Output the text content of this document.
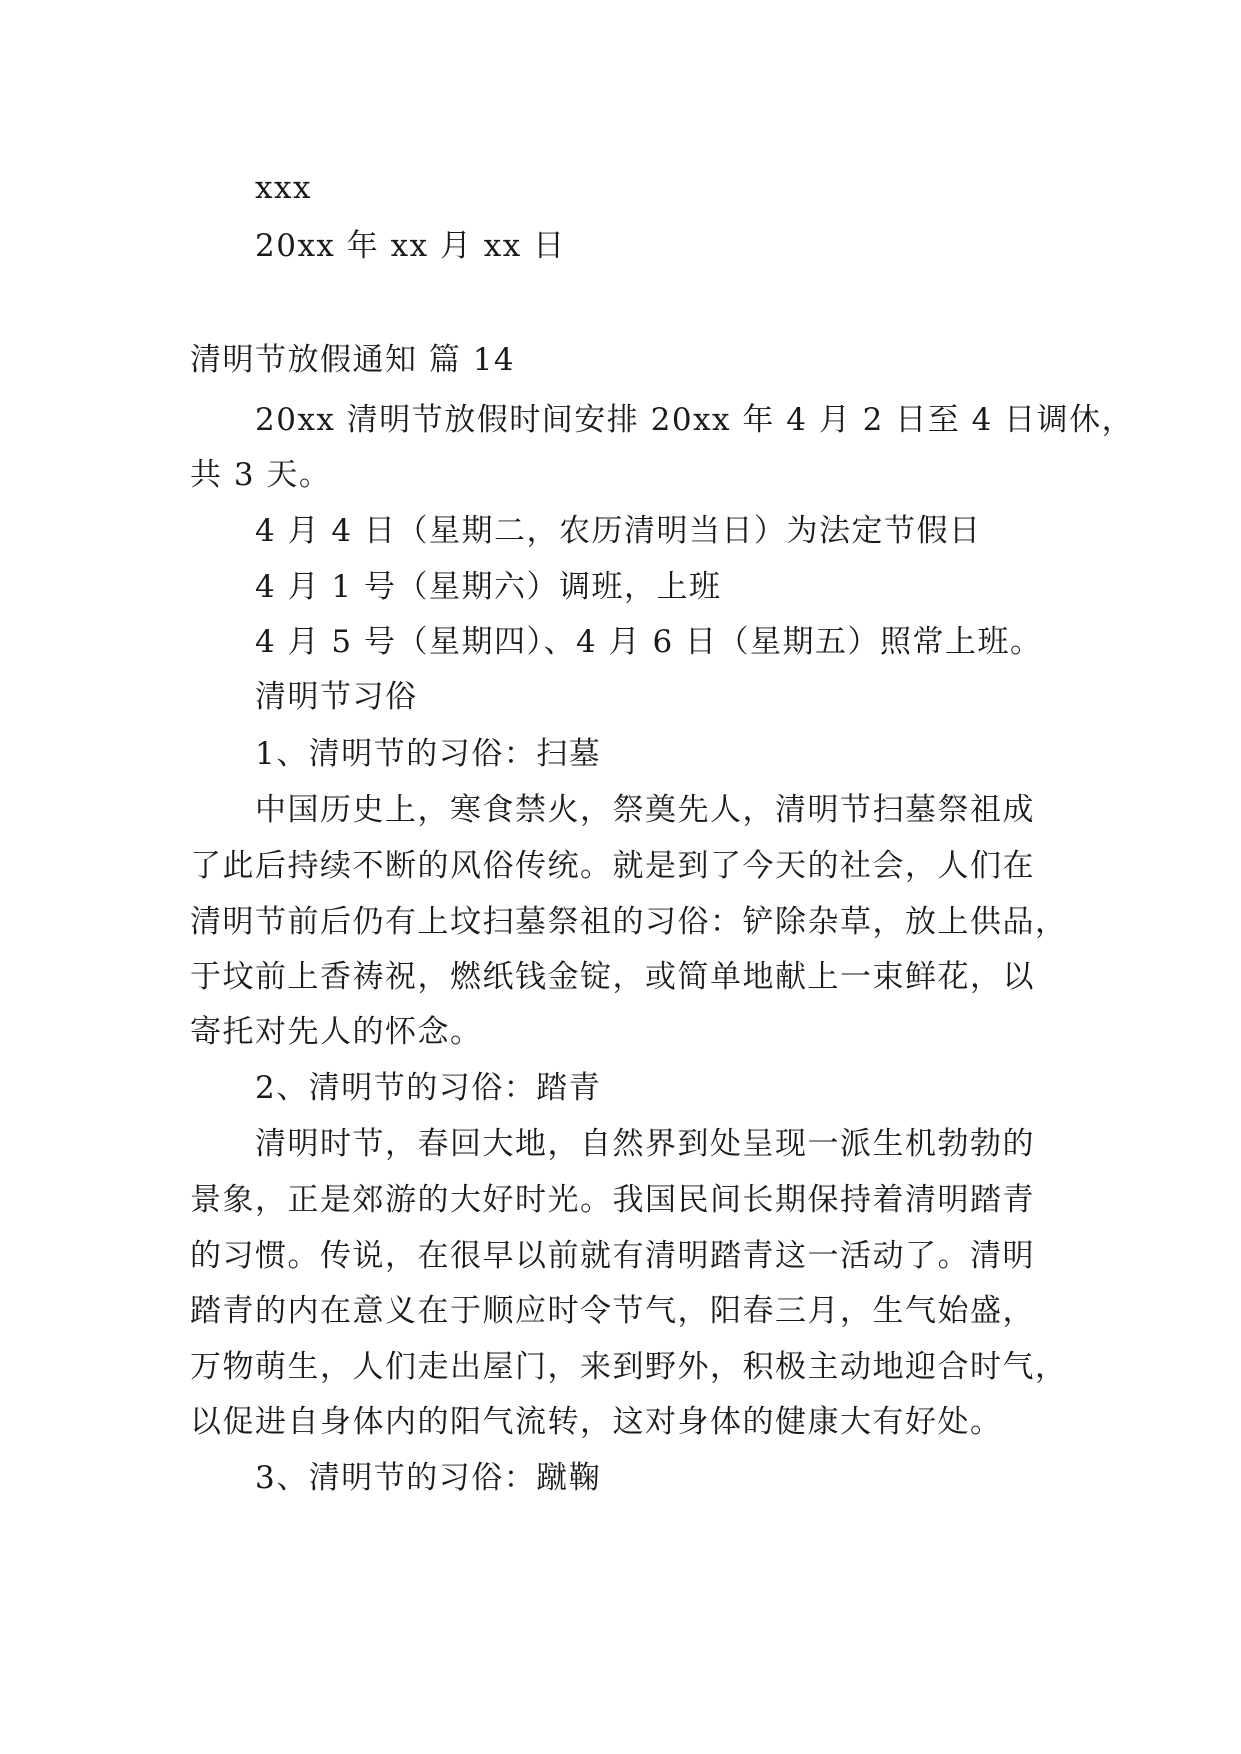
xxx
20xx 年 xx 月 xx 日
清明节放假通知 篇 14
20xx 清明节放假时间安排 20xx 年 4 月 2 日至 4 日调休，
共 3 天。
4 月 4 日（星期二，农历清明当日）为法定节假日
4 月 1 号（星期六）调班，上班
4 月 5 号（星期四）、4 月 6 日（星期五）照常上班。
清明节习俗
1、清明节的习俗：扫墓
中国历史上，寒食禁火，祭奠先人，清明节扫墓祭祖成
了此后持续不断的风俗传统。就是到了今天的社会，人们在
清明节前后仍有上坟扫墓祭祖的习俗：铲除杂草，放上供品，
于坟前上香祷祝，燃纸钱金锭，或简单地献上一束鲜花，以
寄托对先人的怀念。
2、清明节的习俗：踏青
清明时节，春回大地，自然界到处呈现一派生机勃勃的
景象，正是郊游的大好时光。我国民间长期保持着清明踏青
的习惯。传说，在很早以前就有清明踏青这一活动了。清明
踏青的内在意义在于顺应时令节气，阳春三月，生气始盛，
万物萌生，人们走出屋门，来到野外，积极主动地迎合时气，
以促进自身体内的阳气流转，这对身体的健康大有好处。
3、清明节的习俗：蹴鞠
